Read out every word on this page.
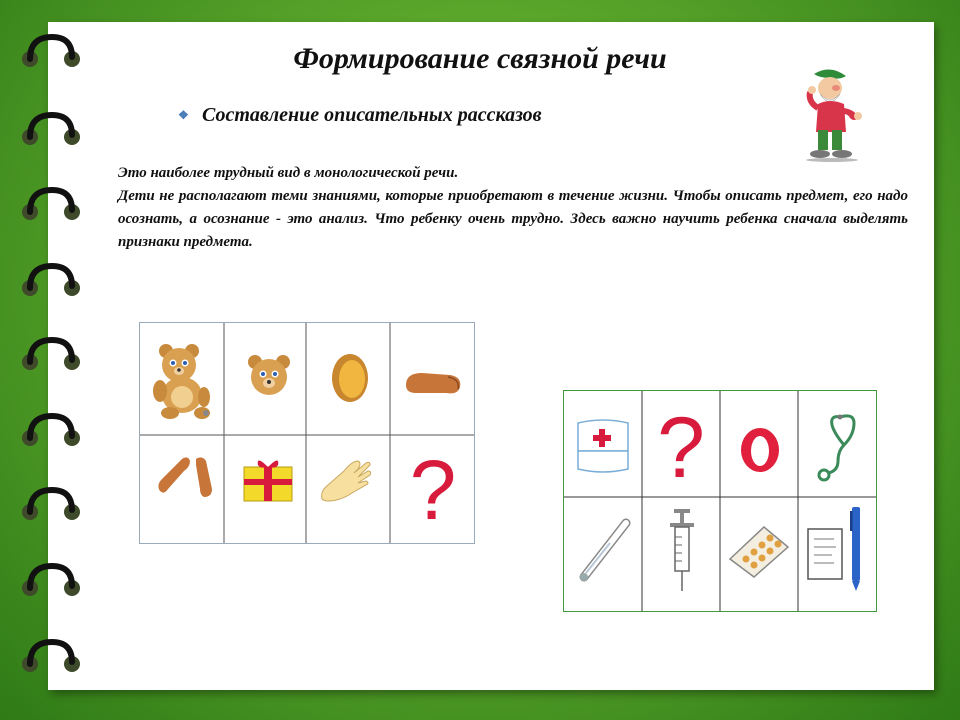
Формирование связной речи
❖ Составление описательных рассказов

Это наиболее трудный вид в монологической речи.

Дети не располагают теми знаниями, которые приобретают в течение жизни. Чтобы описать предмет, его надо осознать, а осознание - это анализ. Что ребенку очень трудно. Здесь важно научить ребенка сначала выделять признаки предмета.

? ?
